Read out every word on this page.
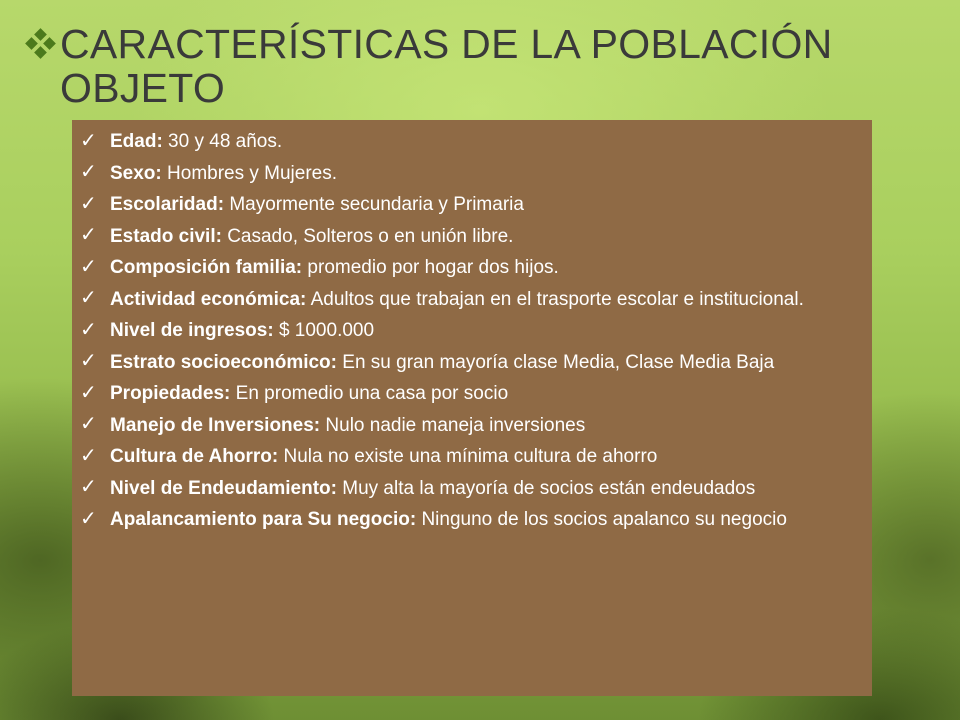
CARACTERÍSTICAS DE LA POBLACIÓN
OBJETO
✓ Edad: 30 y 48 años.
✓ Sexo: Hombres y Mujeres.
✓ Escolaridad: Mayormente secundaria y Primaria
✓ Estado civil: Casado, Solteros o en unión libre.
✓ Composición familia: promedio por hogar dos hijos.
✓ Actividad económica: Adultos que trabajan en el trasporte escolar e institucional.
✓ Nivel de ingresos: $ 1000.000
✓ Estrato socioeconómico: En su gran mayoría clase Media, Clase Media Baja
✓ Propiedades: En promedio una casa por socio
✓ Manejo de Inversiones: Nulo nadie maneja inversiones
✓ Cultura de Ahorro: Nula no existe una mínima cultura de ahorro
✓ Nivel de Endeudamiento: Muy alta la mayoría de socios están endeudados
✓ Apalancamiento para Su negocio: Ninguno de los socios apalanco su negocio
